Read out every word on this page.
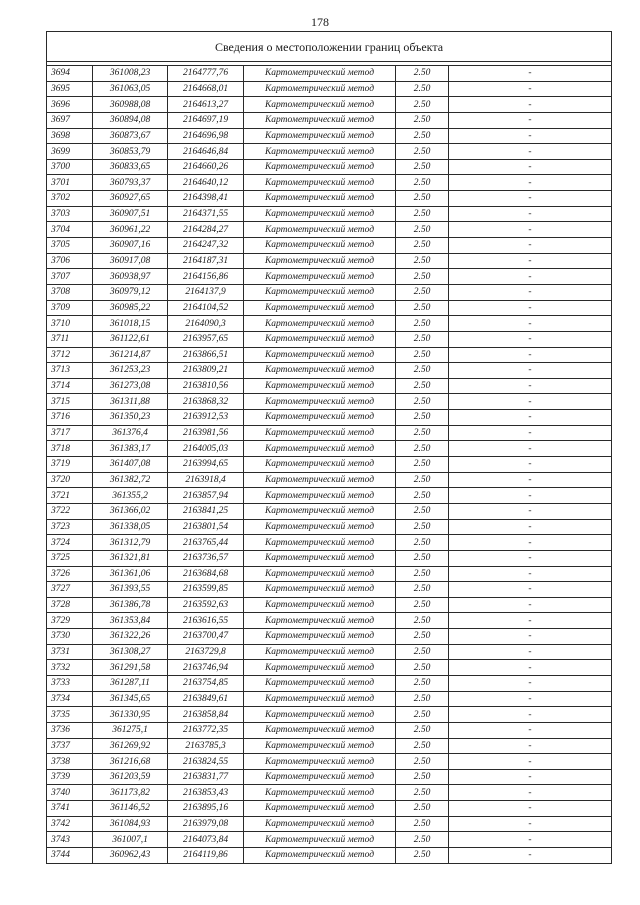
178
Сведения о местоположении границ объекта					

3694	361008,23	2164777,76	Картометрический метод	2.50	-
3695	361063,05	2164668,01	Картометрический метод	2.50	-
3696	360988,08	2164613,27	Картометрический метод	2.50	-
3697	360894,08	2164697,19	Картометрический метод	2.50	-
3698	360873,67	2164696,98	Картометрический метод	2.50	-
3699	360853,79	2164646,84	Картометрический метод	2.50	-
3700	360833,65	2164660,26	Картометрический метод	2.50	-
3701	360793,37	2164640,12	Картометрический метод	2.50	-
3702	360927,65	2164398,41	Картометрический метод	2.50	-
3703	360907,51	2164371,55	Картометрический метод	2.50	-
3704	360961,22	2164284,27	Картометрический метод	2.50	-
3705	360907,16	2164247,32	Картометрический метод	2.50	-
3706	360917,08	2164187,31	Картометрический метод	2.50	-
3707	360938,97	2164156,86	Картометрический метод	2.50	-
3708	360979,12	2164137,9	Картометрический метод	2.50	-
3709	360985,22	2164104,52	Картометрический метод	2.50	-
3710	361018,15	2164090,3	Картометрический метод	2.50	-
3711	361122,61	2163957,65	Картометрический метод	2.50	-
3712	361214,87	2163866,51	Картометрический метод	2.50	-
3713	361253,23	2163809,21	Картометрический метод	2.50	-
3714	361273,08	2163810,56	Картометрический метод	2.50	-
3715	361311,88	2163868,32	Картометрический метод	2.50	-
3716	361350,23	2163912,53	Картометрический метод	2.50	-
3717	361376,4	2163981,56	Картометрический метод	2.50	-
3718	361383,17	2164005,03	Картометрический метод	2.50	-
3719	361407,08	2163994,65	Картометрический метод	2.50	-
3720	361382,72	2163918,4	Картометрический метод	2.50	-
3721	361355,2	2163857,94	Картометрический метод	2.50	-
3722	361366,02	2163841,25	Картометрический метод	2.50	-
3723	361338,05	2163801,54	Картометрический метод	2.50	-
3724	361312,79	2163765,44	Картометрический метод	2.50	-
3725	361321,81	2163736,57	Картометрический метод	2.50	-
3726	361361,06	2163684,68	Картометрический метод	2.50	-
3727	361393,55	2163599,85	Картометрический метод	2.50	-
3728	361386,78	2163592,63	Картометрический метод	2.50	-
3729	361353,84	2163616,55	Картометрический метод	2.50	-
3730	361322,26	2163700,47	Картометрический метод	2.50	-
3731	361308,27	2163729,8	Картометрический метод	2.50	-
3732	361291,58	2163746,94	Картометрический метод	2.50	-
3733	361287,11	2163754,85	Картометрический метод	2.50	-
3734	361345,65	2163849,61	Картометрический метод	2.50	-
3735	361330,95	2163858,84	Картометрический метод	2.50	-
3736	361275,1	2163772,35	Картометрический метод	2.50	-
3737	361269,92	2163785,3	Картометрический метод	2.50	-
3738	361216,68	2163824,55	Картометрический метод	2.50	-
3739	361203,59	2163831,77	Картометрический метод	2.50	-
3740	361173,82	2163853,43	Картометрический метод	2.50	-
3741	361146,52	2163895,16	Картометрический метод	2.50	-
3742	361084,93	2163979,08	Картометрический метод	2.50	-
3743	361007,1	2164073,84	Картометрический метод	2.50	-
3744	360962,43	2164119,86	Картометрический метод	2.50	-
